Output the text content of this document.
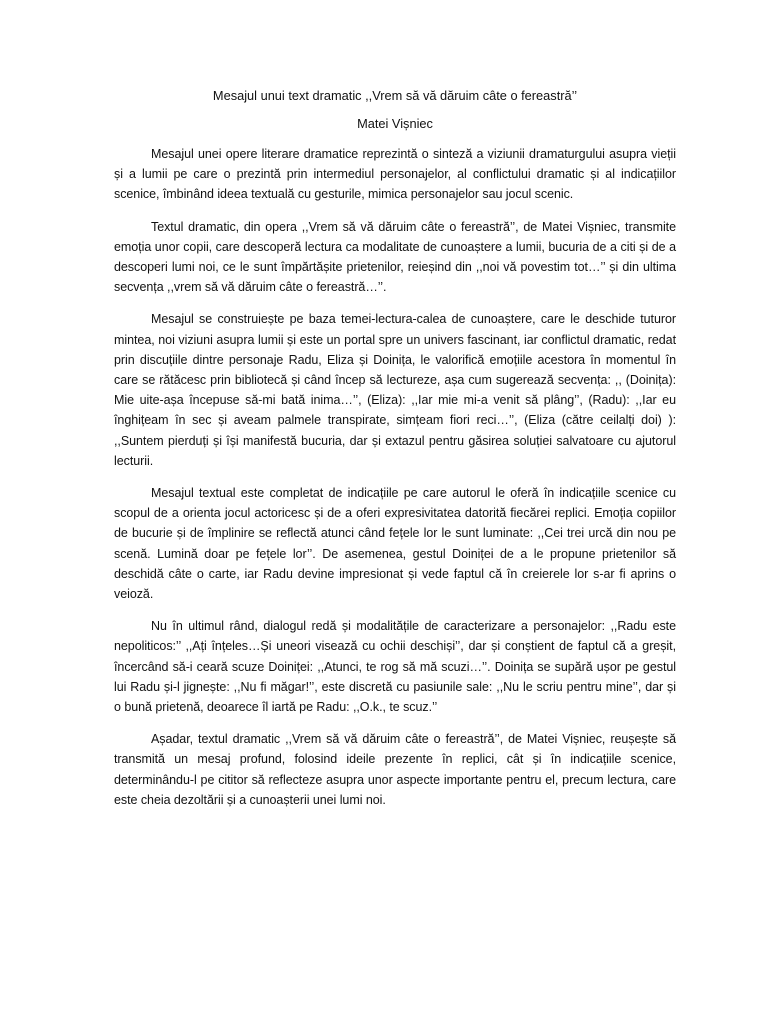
Mesajul unui text dramatic ,,Vrem să vă dăruim câte o fereastră’’
Matei Vișniec

Mesajul unei opere literare dramatice reprezintă o sinteză a viziunii dramaturgului asupra vieții și a lumii pe care o prezintă prin intermediul personajelor, al conflictului dramatic și al indicațiilor scenice, îmbinând ideea textuală cu gesturile, mimica personajelor sau jocul scenic.

Textul dramatic, din opera ,,Vrem să vă dăruim câte o fereastră’’, de Matei Vișniec, transmite emoția unor copii, care descoperă lectura ca modalitate de cunoaștere a lumii, bucuria de a citi și de a descoperi lumi noi, ce le sunt împărtășite prietenilor, reieșind din ,,noi vă povestim tot…’’ și din ultima secvența ,,vrem să vă dăruim câte o fereastră…’’.

Mesajul se construiește pe baza temei-lectura-calea de cunoaștere, care le deschide tuturor mintea, noi viziuni asupra lumii și este un portal spre un univers fascinant, iar conflictul dramatic, redat prin discuțiile dintre personaje Radu, Eliza și Doinița, le valorifică emoțiile acestora în momentul în care se rătăcesc prin bibliotecă și când încep să lectureze, așa cum sugerează secvența: ,, (Doinița): Mie uite-așa începuse să-mi bată inima…’’, (Eliza): ,,Iar mie mi-a venit să plâng’’, (Radu): ,,Iar eu înghițeam în sec și aveam palmele transpirate, simțeam fiori reci…’’, (Eliza (către ceilalți doi) ): ,,Suntem pierduți și își manifestă bucuria, dar și extazul pentru găsirea soluției salvatoare cu ajutorul lecturii.

Mesajul textual este completat de indicațiile pe care autorul le oferă în indicațiile scenice cu scopul de a orienta jocul actoricesc și de a oferi expresivitatea datorită fiecărei replici. Emoția copiilor de bucurie și de împlinire se reflectă atunci când fețele lor le sunt luminate: ,,Cei trei urcă din nou pe scenă. Lumină doar pe fețele lor’’. De asemenea, gestul Doiniței de a le propune prietenilor să deschidă câte o carte, iar Radu devine impresionat și vede faptul că în creierele lor s-ar fi aprins o veioză.

Nu în ultimul rând, dialogul redă și modalitățile de caracterizare a personajelor: ,,Radu este nepoliticos:’’ ,,Ați înțeles…Și uneori visează cu ochii deschiși’’, dar și conștient de faptul că a greșit, încercând să-i ceară scuze Doiniței: ,,Atunci, te rog să mă scuzi…’’. Doinița se supără ușor pe gestul lui Radu și-l jignește: ,,Nu fi măgar!’’, este discretă cu pasiunile sale: ,,Nu le scriu pentru mine’’, dar și o bună prietenă, deoarece îl iartă pe Radu: ,,O.k., te scuz.’’

Așadar, textul dramatic ,,Vrem să vă dăruim câte o fereastră’’, de Matei Vișniec, reușește să transmită un mesaj profund, folosind ideile prezente în replici, cât și în indicațiile scenice, determinându-l pe cititor să reflecteze asupra unor aspecte importante pentru el, precum lectura, care este cheia dezoltării și a cunoașterii unei lumi noi.
